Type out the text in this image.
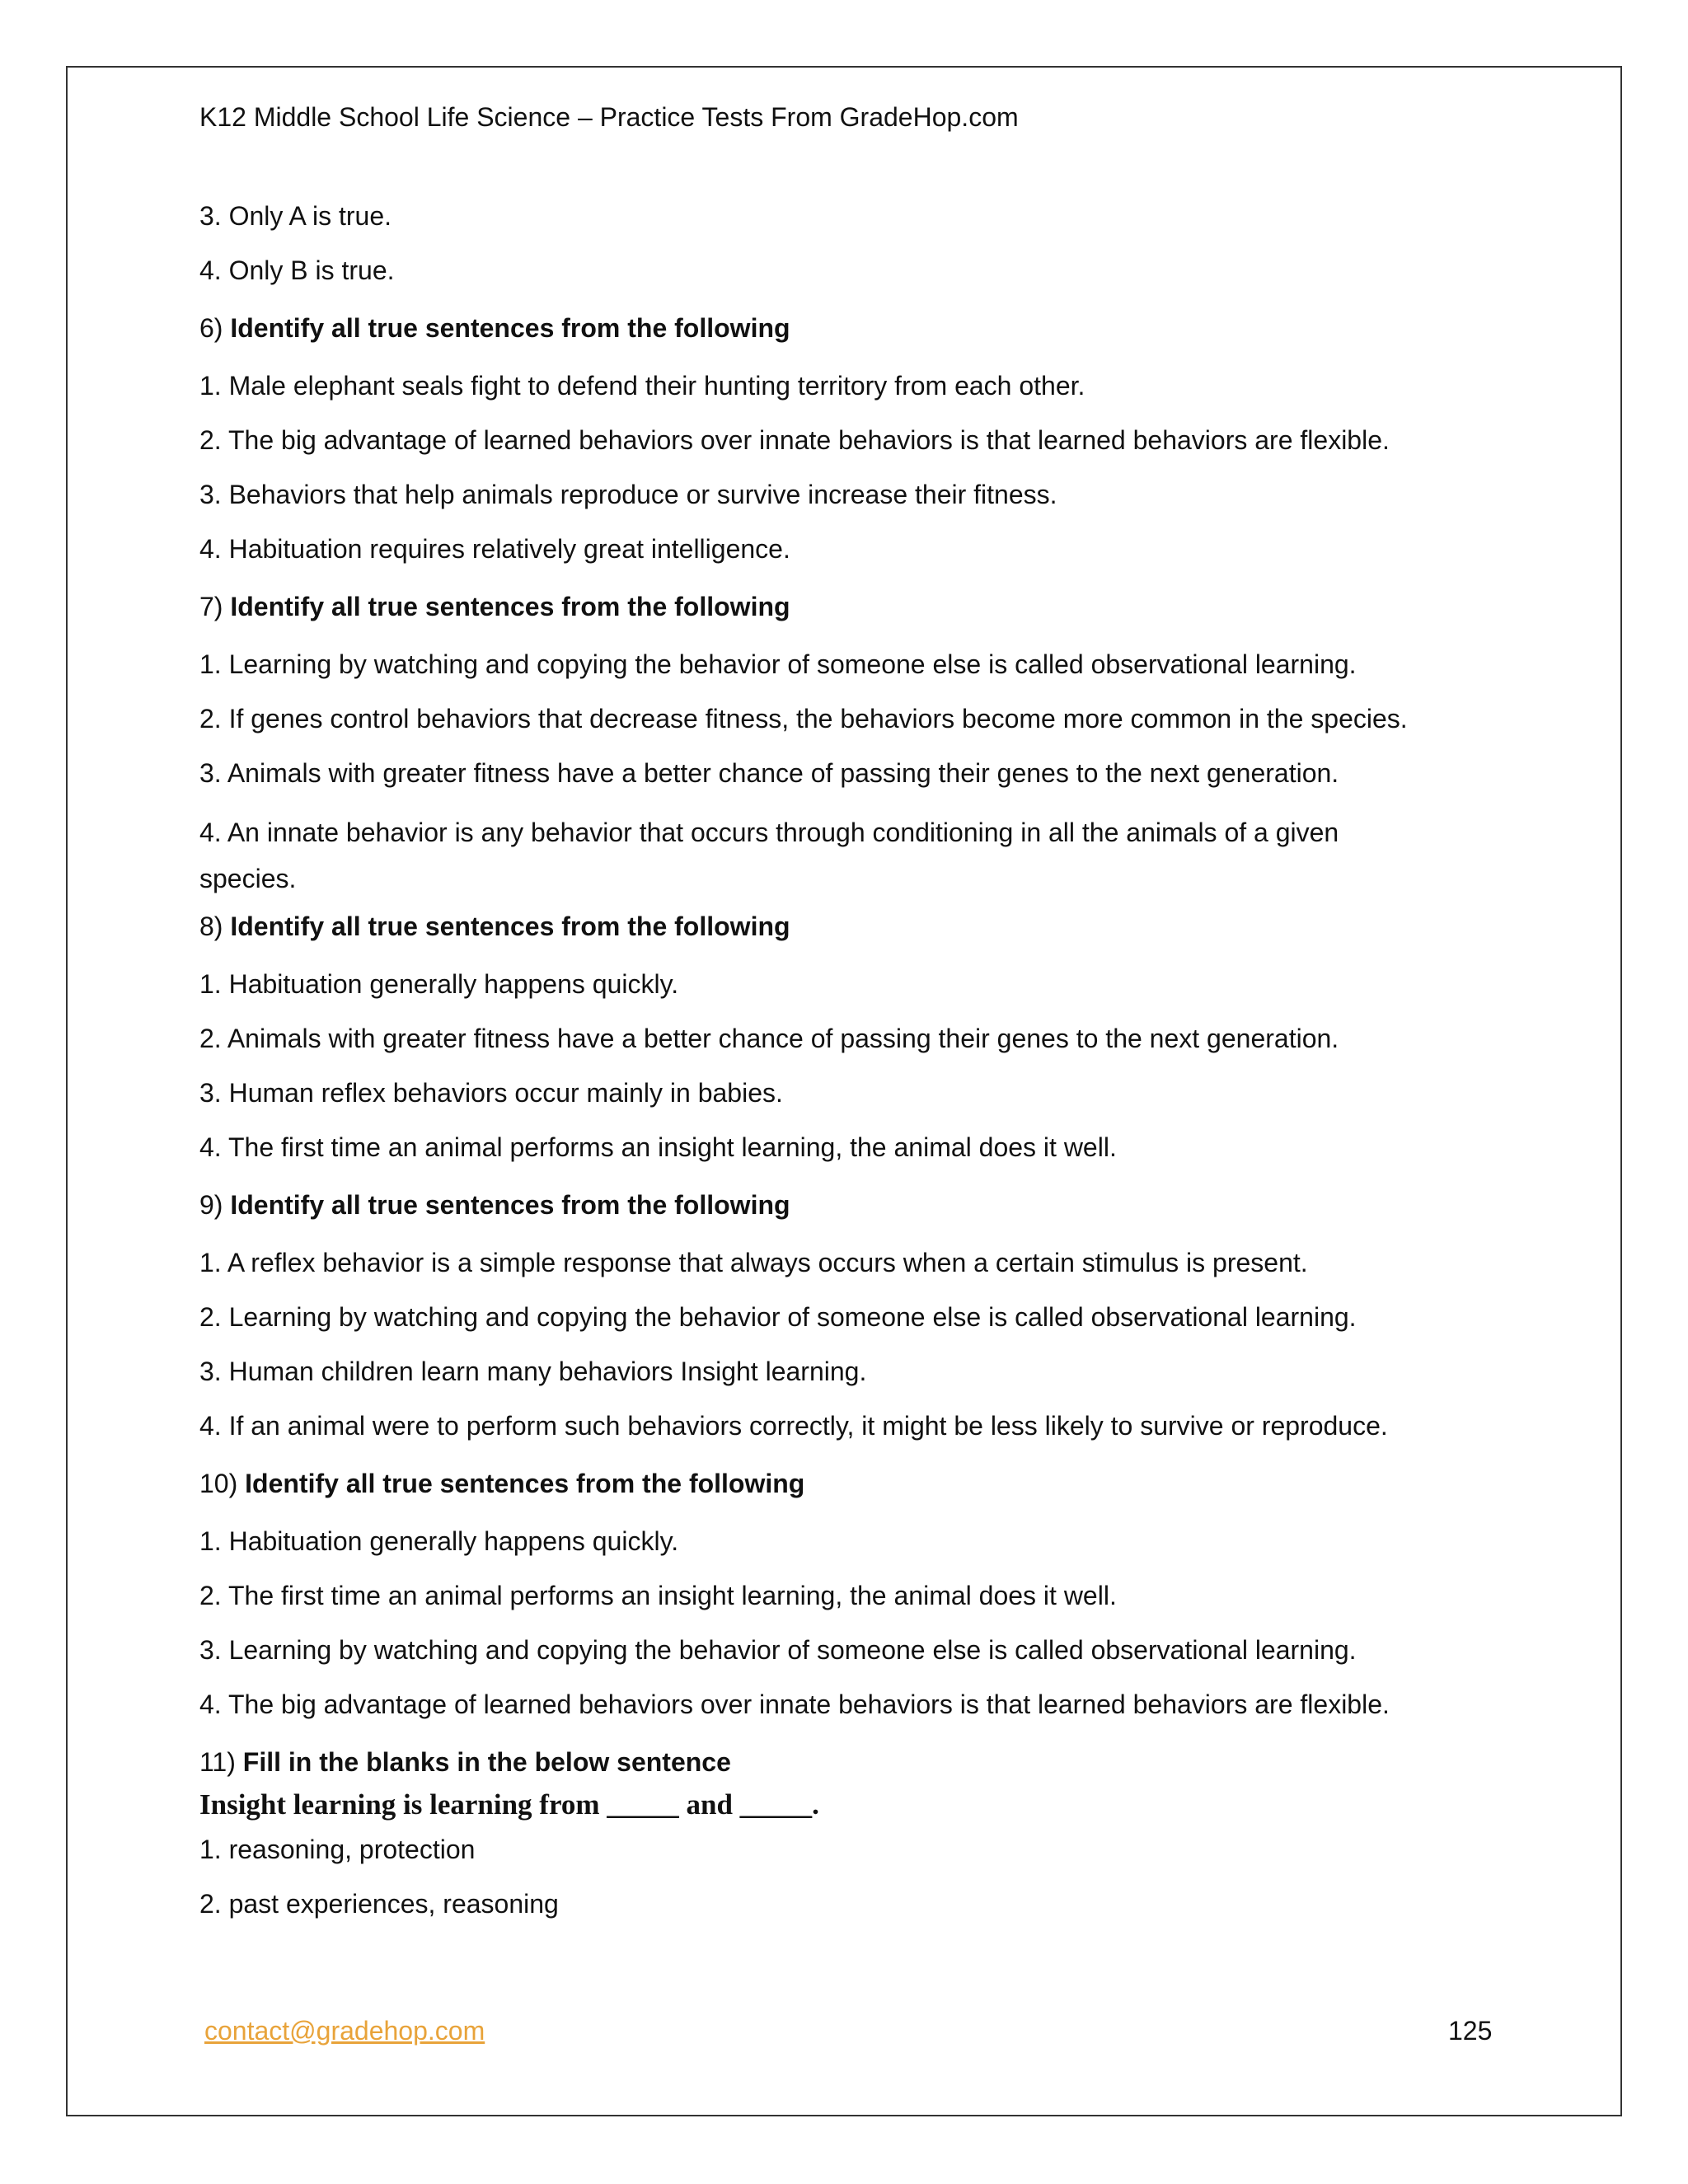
K12 Middle School Life Science – Practice Tests From GradeHop.com
3. Only A is true.
4. Only B is true.
6) Identify all true sentences from the following
1. Male elephant seals fight to defend their hunting territory from each other.
2. The big advantage of learned behaviors over innate behaviors is that learned behaviors are flexible.
3. Behaviors that help animals reproduce or survive increase their fitness.
4. Habituation requires relatively great intelligence.
7) Identify all true sentences from the following
1. Learning by watching and copying the behavior of someone else is called observational learning.
2. If genes control behaviors that decrease fitness, the behaviors become more common in the species.
3. Animals with greater fitness have a better chance of passing their genes to the next generation.
4. An innate behavior is any behavior that occurs through conditioning in all the animals of a given species.
8) Identify all true sentences from the following
1. Habituation generally happens quickly.
2. Animals with greater fitness have a better chance of passing their genes to the next generation.
3. Human reflex behaviors occur mainly in babies.
4. The first time an animal performs an insight learning, the animal does it well.
9) Identify all true sentences from the following
1. A reflex behavior is a simple response that always occurs when a certain stimulus is present.
2. Learning by watching and copying the behavior of someone else is called observational learning.
3. Human children learn many behaviors Insight learning.
4. If an animal were to perform such behaviors correctly, it might be less likely to survive or reproduce.
10) Identify all true sentences from the following
1. Habituation generally happens quickly.
2. The first time an animal performs an insight learning, the animal does it well.
3. Learning by watching and copying the behavior of someone else is called observational learning.
4. The big advantage of learned behaviors over innate behaviors is that learned behaviors are flexible.
11) Fill in the blanks in the below sentence
Insight learning is learning from _____ and _____.
1. reasoning, protection
2. past experiences, reasoning
contact@gradehop.com	125
